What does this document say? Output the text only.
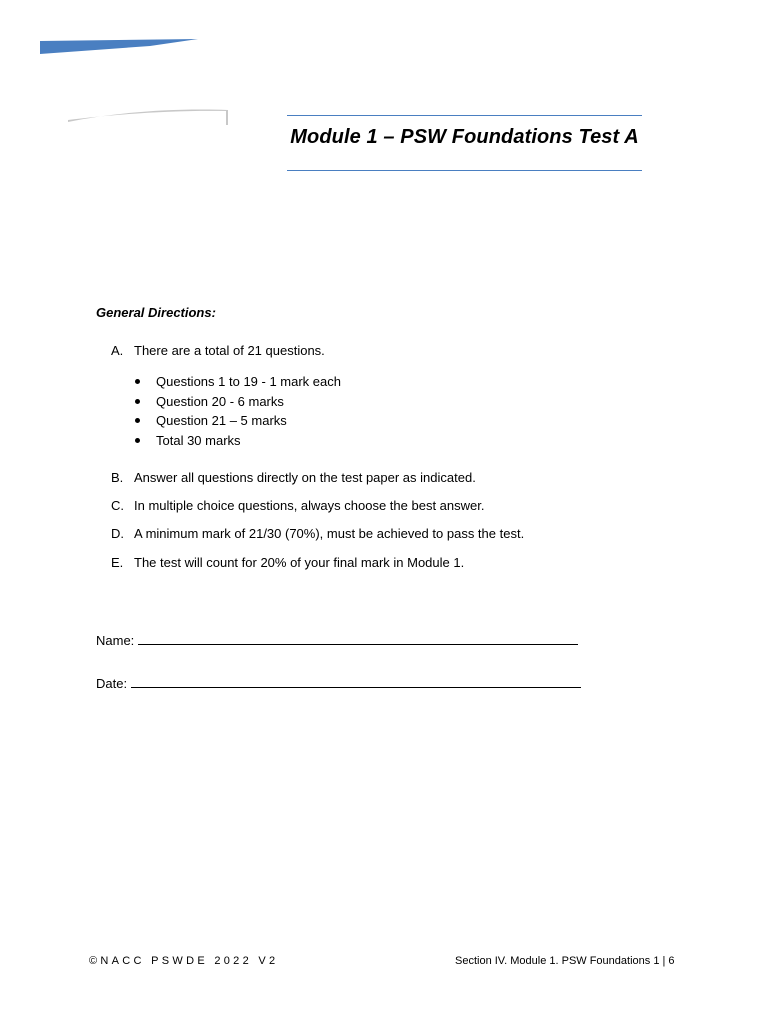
Module 1 – PSW Foundations Test A
General Directions:
A. There are a total of 21 questions.
Questions 1 to 19 - 1 mark each
Question 20 - 6 marks
Question 21 – 5 marks
Total 30 marks
B. Answer all questions directly on the test paper as indicated.
C. In multiple choice questions, always choose the best answer.
D. A minimum mark of 21/30 (70%), must be achieved to pass the test.
E. The test will count for 20% of your final mark in Module 1.
Name:
Date:
©NACC PSWDE 2022 V2	Section IV. Module 1. PSW Foundations 1 | 6
